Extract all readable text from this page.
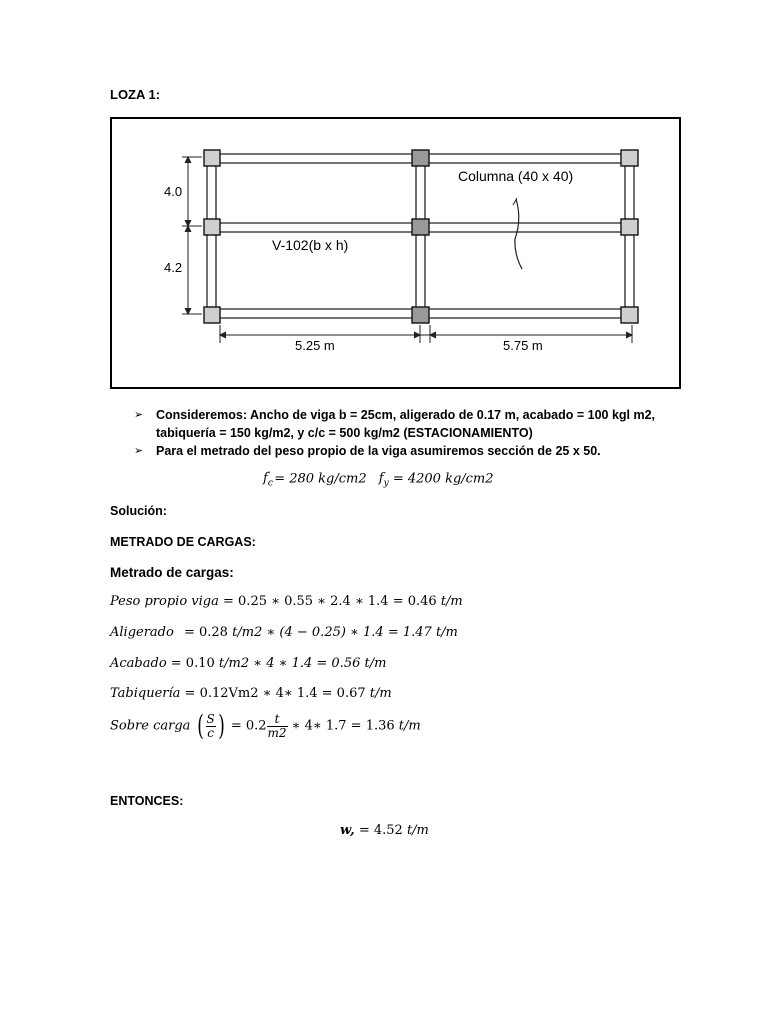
LOZA 1:
4.0
4.2
Columna (40 x 40)
V-102(b x h)
5.25 m	5.75 m
➢ Consideremos: Ancho de viga b = 25cm, aligerado de 0.17 m, acabado = 100 kgl m2,
tabiquería = 150 kg/m2, y c/c = 500 kg/m2 (ESTACIONAMIENTO)
➢ Para el metrado del peso propio de la viga asumiremos sección de 25 x 50.
$f_c' = 280$ kg/cm2 $f_y = 4200$ kg/cm2
Solución:
METRADO DE CARGAS:
Metrado de cargas:
Peso propio viga = 0.25 ∗ 0.55 ∗ 2.4 ∗ 1.4 = 0.46 t/m
Aligerado = 0.28 t/m2 ∗ (4 − 0.25) ∗ 1.4 = 1.47 t/m
Acabado = 0.10 t/m2 ∗ 4 ∗ 1.4 = 0.56 t/m
Tabiquería = 0.12Vm2 ∗ 4∗ 1.4 = 0.67 t/m
Sobre carga ( $\frac{S}{c}$ ) = $0.2 \frac{t}{m2}$ ∗ 4∗ 1.7 = 1.36 t/m
ENTONCES:
w, = 4.52 t/m
